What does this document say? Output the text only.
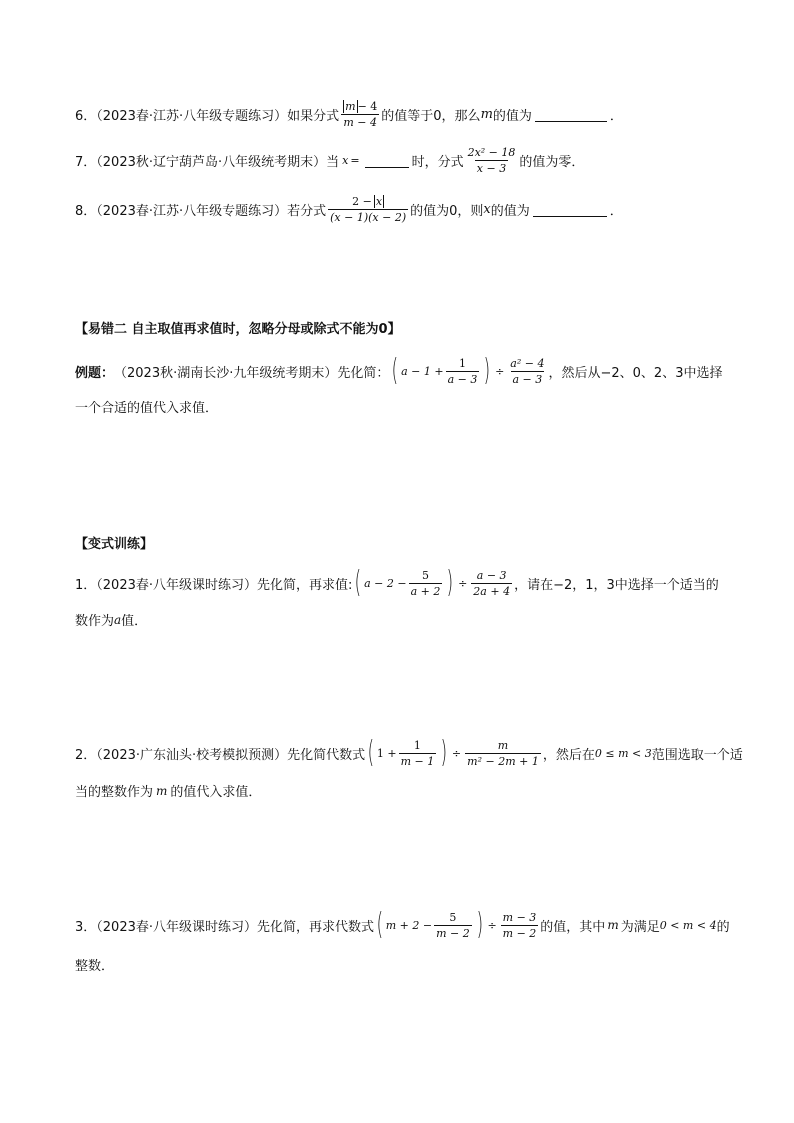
6．（2023春·江苏·八年级专题练习）如果分式 $\frac{m - 4}{m - 4}$ 的值等于0，那么 m 的值为	．
7．（2023秋·辽宁葫芦岛·八年级统考期末）当 x =	时，分式 $\frac{\text{2x² − 18}}{x - 3}$ 的值为零．
8．（2023春·江苏·八年级专题练习）若分式 $\frac{2 - x}{(x - 1)(x - 2)}$ 的值为0，则 x 的值为	．
【易错二 自主取值再求值时，忽略分母或除式不能为0】
例题： （2023秋·湖南长沙·九年级统考期末）先化简： ( $a - 1 + \frac{1}{a - 3}$ ) ÷ $\frac{\text{a² − 4}}{a - 3}$ ，然后从−2、0、2、3中选择
一个合适的值代入求值．
【变式训练】
1．（2023春·八年级课时练习）先化简，再求值: ( $a - 2 - \frac{5}{a + 2}$ ) ÷ $\frac{a - 3}{2a + 4}$ ，请在−2，1，3中选择一个适当的
数作为 a 值．
2．（2023·广东汕头·校考模拟预测）先化简代数式 ( $1 + \frac{1}{m - 1}$ ) ÷ $\frac{m}{\text{m² − 2m + 1}}$ ，然后在 0 ≤ m < 3 范围选取一个适
当的整数作为 m 的值代入求值．
3．（2023春·八年级课时练习）先化简，再求代数式 ( $m + 2 - \frac{5}{m - 2}$ ) ÷ $\frac{m - 3}{m - 2}$ 的值，其中 m 为满足 0 < m < 4 的
整数．
